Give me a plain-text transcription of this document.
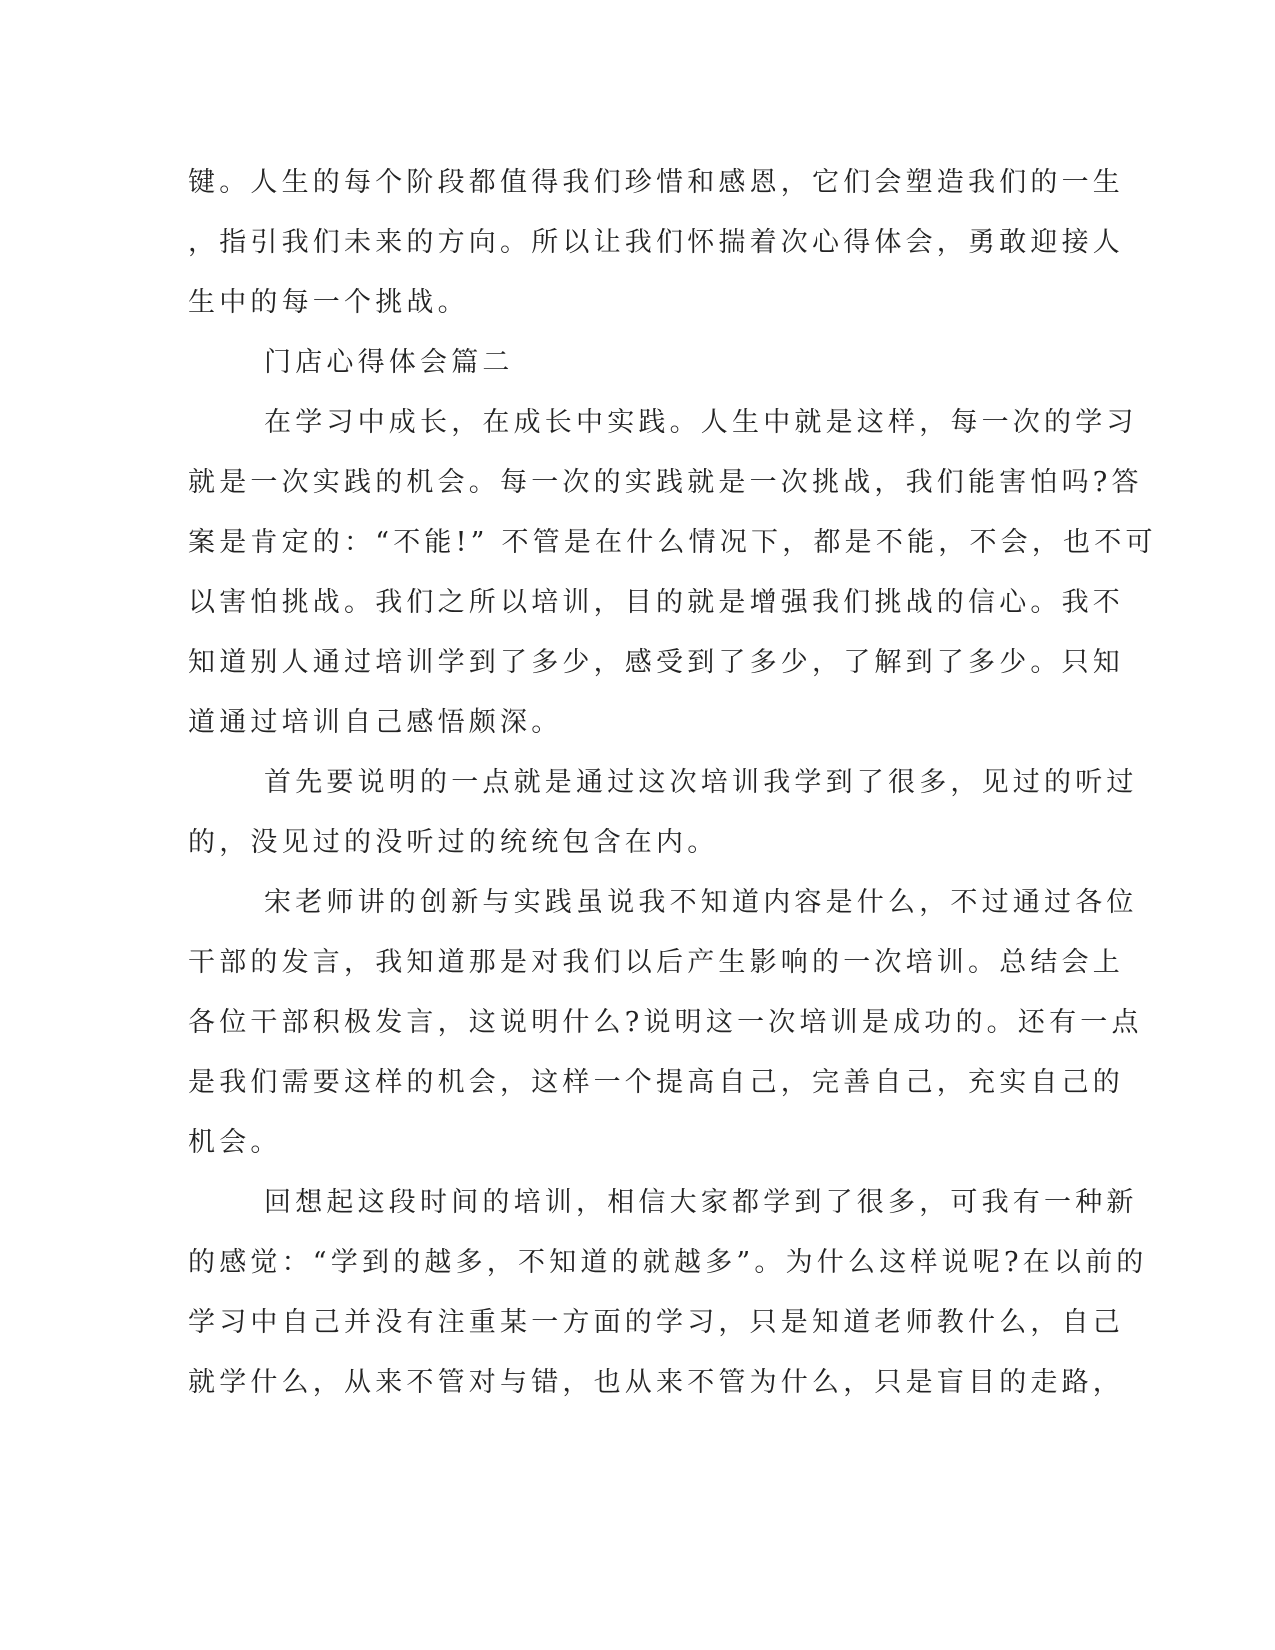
键。人生的每个阶段都值得我们珍惜和感恩，它们会塑造我们的一生
，指引我们未来的方向。所以让我们怀揣着次心得体会，勇敢迎接人
生中的每一个挑战。
门店心得体会篇二
在学习中成长，在成长中实践。人生中就是这样，每一次的学习
就是一次实践的机会。每一次的实践就是一次挑战，我们能害怕吗?答
案是肯定的：“不能!” 不管是在什么情况下，都是不能，不会，也不可
以害怕挑战。我们之所以培训，目的就是增强我们挑战的信心。我不
知道别人通过培训学到了多少，感受到了多少，了解到了多少。只知
道通过培训自己感悟颇深。
首先要说明的一点就是通过这次培训我学到了很多，见过的听过
的，没见过的没听过的统统包含在内。
宋老师讲的创新与实践虽说我不知道内容是什么，不过通过各位
干部的发言，我知道那是对我们以后产生影响的一次培训。总结会上
各位干部积极发言，这说明什么?说明这一次培训是成功的。还有一点
是我们需要这样的机会，这样一个提高自己，完善自己，充实自己的
机会。
回想起这段时间的培训，相信大家都学到了很多，可我有一种新
的感觉：“学到的越多，不知道的就越多”。为什么这样说呢?在以前的
学习中自己并没有注重某一方面的学习，只是知道老师教什么，自己
就学什么，从来不管对与错，也从来不管为什么，只是盲目的走路，
